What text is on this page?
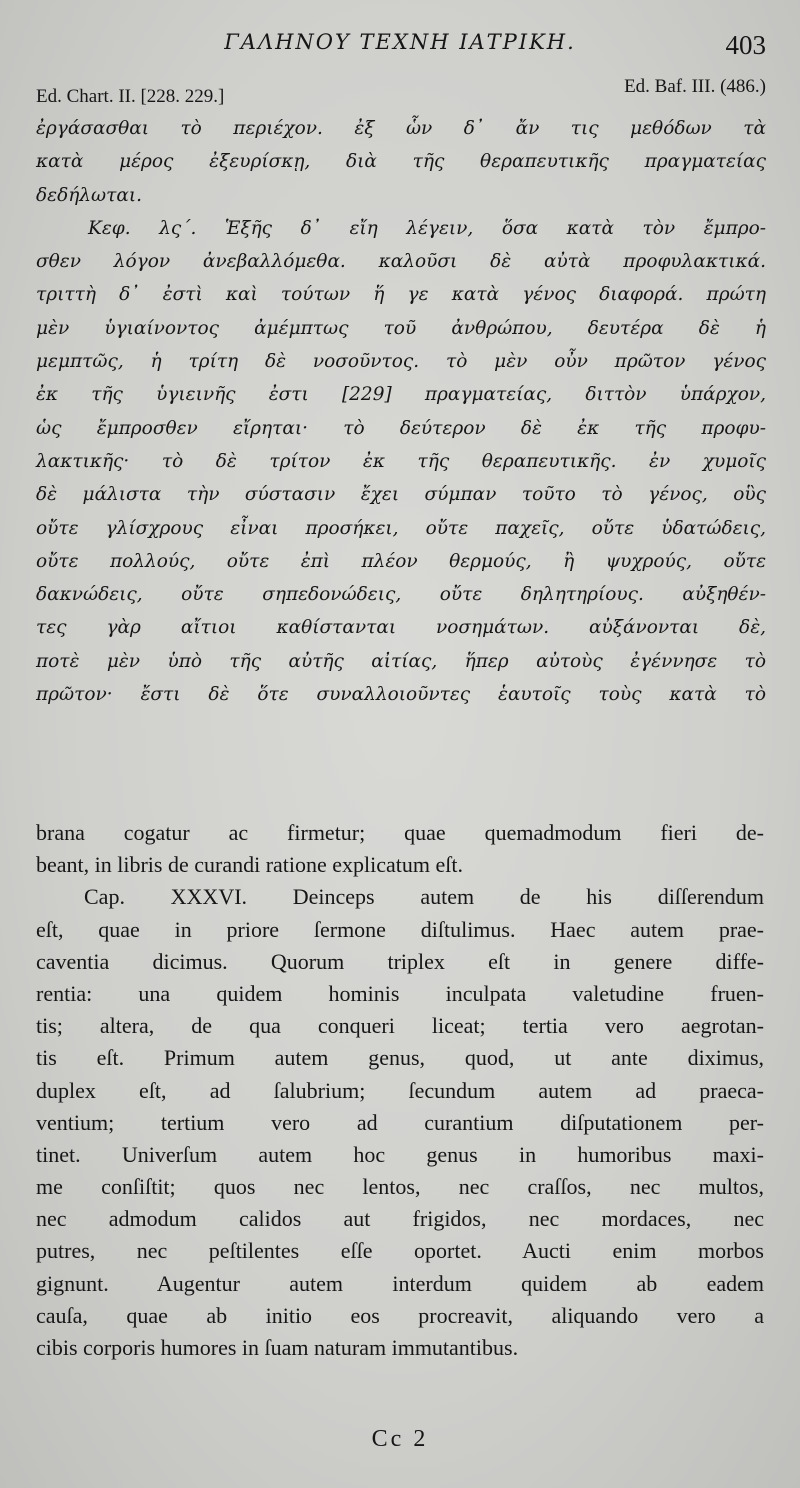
ΓΑΛΗΝΟΥ ΤΕΧΝΗ ΙΑΤΡΙΚΗ.	403
Ed. Chart. II. [228. 229.]	Ed. Baf. III. (486.)
ἐργάσασθαι τὸ περιέχον. ἐξ ὧν δ᾽ ἄν τις μεθόδων τὰ
κατὰ μέρος ἐξευρίσκῃ, διὰ τῆς θεραπευτικῆς πραγματείας
δεδήλωται.
Κεφ. λς΄. Ἑξῆς δ᾽ εἴη λέγειν, ὅσα κατὰ τὸν ἔμπρο-
σθεν λόγον ἀνεβαλλόμεθα. καλοῦσι δὲ αὐτὰ προφυλακτικά.
τριττὴ δ᾽ ἐστὶ καὶ τούτων ἥ γε κατὰ γένος διαφορά. πρώτη
μὲν ὑγιαίνοντος ἀμέμπτως τοῦ ἀνθρώπου, δευτέρα δὲ ἡ
μεμπτῶς, ἡ τρίτη δὲ νοσοῦντος. τὸ μὲν οὖν πρῶτον γένος
ἐκ τῆς ὑγιεινῆς ἐστι [229] πραγματείας, διττὸν ὑπάρχον,
ὡς ἔμπροσθεν εἴρηται· τὸ δεύτερον δὲ ἐκ τῆς προφυ-
λακτικῆς· τὸ δὲ τρίτον ἐκ τῆς θεραπευτικῆς. ἐν χυμοῖς
δὲ μάλιστα τὴν σύστασιν ἔχει σύμπαν τοῦτο τὸ γένος, οὓς
οὔτε γλίσχρους εἶναι προσήκει, οὔτε παχεῖς, οὔτε ὑδατώδεις,
οὔτε πολλούς, οὔτε ἐπὶ πλέον θερμούς, ἢ ψυχρούς, οὔτε
δακνώδεις, οὔτε σηπεδονώδεις, οὔτε δηλητηρίους. αὐξηθέν-
τες γὰρ αἴτιοι καθίστανται νοσημάτων. αὐξάνονται δὲ,
ποτὲ μὲν ὑπὸ τῆς αὐτῆς αἰτίας, ἥπερ αὐτοὺς ἐγέννησε τὸ
πρῶτον· ἔστι δὲ ὅτε συναλλοιοῦντες ἑαυτοῖς τοὺς κατὰ τὸ
brana cogatur ac firmetur; quae quemadmodum fieri de-
beant, in libris de curandi ratione explicatum eſt.
Cap. XXXVI. Deinceps autem de his diſſerendum
eſt, quae in priore ſermone diſtulimus. Haec autem prae-
caventia dicimus. Quorum triplex eſt in genere diffe-
rentia: una quidem hominis inculpata valetudine fruen-
tis; altera, de qua conqueri liceat; tertia vero aegrotan-
tis eſt. Primum autem genus, quod, ut ante diximus,
duplex eſt, ad ſalubrium; ſecundum autem ad praeca-
ventium; tertium vero ad curantium diſputationem per-
tinet. Univerſum autem hoc genus in humoribus maxi-
me conſiſtit; quos nec lentos, nec craſſos, nec multos,
nec admodum calidos aut frigidos, nec mordaces, nec
putres, nec peſtilentes eſſe oportet. Aucti enim morbos
gignunt. Augentur autem interdum quidem ab eadem
cauſa, quae ab initio eos procreavit, aliquando vero a
cibis corporis humores in ſuam naturam immutantibus.
Cc 2
